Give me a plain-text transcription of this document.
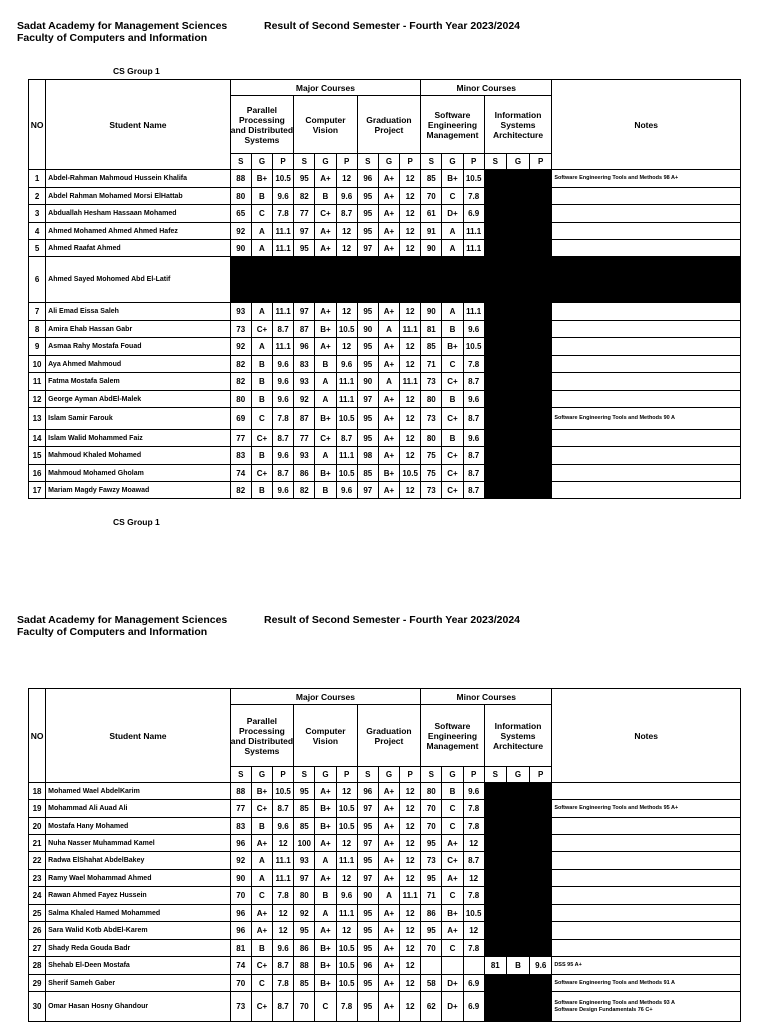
Sadat Academy for Management Sciences
Faculty of Computers and Information
Result of Second Semester - Fourth Year 2023/2024
CS Group 1
NO	Student Name	Major Courses									Minor Courses						Notes
		Parallel Processing and Distributed Systems			Computer Vision			Graduation Project			Software Engineering Management			Information Systems Architecture			
		S	G	P	S	G	P	S	G	P	S	G	P	S	G	P	
1	Abdel-Rahman Mahmoud Hussein Khalifa	88	B+	10.5	95	A+	12	96	A+	12	85	B+	10.5				Software Engineering Tools and Methods 98 A+

2	Abdel Rahman Mohamed Morsi ElHattab	80	B	9.6	82	B	9.6	95	A+	12	70	C	7.8				

3	Abduallah Hesham Hassaan Mohamed	65	C	7.8	77	C+	8.7	95	A+	12	61	D+	6.9				

4	Ahmed Mohamed Ahmed Ahmed Hafez	92	A	11.1	97	A+	12	95	A+	12	91	A	11.1				

5	Ahmed Raafat Ahmed	90	A	11.1	95	A+	12	97	A+	12	90	A	11.1				

6	Ahmed Sayed Mohomed Abd El-Latif																
7	Ali Emad Eissa Saleh	93	A	11.1	97	A+	12	95	A+	12	90	A	11.1				

8	Amira Ehab Hassan Gabr	73	C+	8.7	87	B+	10.5	90	A	11.1	81	B	9.6				

9	Asmaa Rahy Mostafa Fouad	92	A	11.1	96	A+	12	95	A+	12	85	B+	10.5				

10	Aya Ahmed Mahmoud	82	B	9.6	83	B	9.6	95	A+	12	71	C	7.8				

11	Fatma Mostafa Salem	82	B	9.6	93	A	11.1	90	A	11.1	73	C+	8.7				

12	George Ayman AbdEl-Malek	80	B	9.6	92	A	11.1	97	A+	12	80	B	9.6				

13	Islam Samir Farouk	69	C	7.8	87	B+	10.5	95	A+	12	73	C+	8.7				Software Engineering Tools and Methods 90 A

14	Islam Walid Mohammed Faiz	77	C+	8.7	77	C+	8.7	95	A+	12	80	B	9.6				

15	Mahmoud Khaled Mohamed	83	B	9.6	93	A	11.1	98	A+	12	75	C+	8.7				

16	Mahmoud Mohamed Gholam	74	C+	8.7	86	B+	10.5	85	B+	10.5	75	C+	8.7				

17	Mariam Magdy Fawzy Moawad	82	B	9.6	82	B	9.6	97	A+	12	73	C+	8.7				
CS Group 1
Sadat Academy for Management Sciences
Faculty of Computers and Information
Result of Second Semester - Fourth Year 2023/2024
NO	Student Name	Major Courses									Minor Courses						Notes
		Parallel Processing and Distributed Systems			Computer Vision			Graduation Project			Software Engineering Management			Information Systems Architecture			
		S	G	P	S	G	P	S	G	P	S	G	P	S	G	P	
18	Mohamed Wael AbdelKarim	88	B+	10.5	95	A+	12	96	A+	12	80	B	9.6				

19	Mohammad Ali Auad Ali	77	C+	8.7	85	B+	10.5	97	A+	12	70	C	7.8				Software Engineering Tools and Methods 95 A+

20	Mostafa Hany Mohamed	83	B	9.6	85	B+	10.5	95	A+	12	70	C	7.8				

21	Nuha Nasser Muhammad Kamel	96	A+	12	100	A+	12	97	A+	12	95	A+	12				

22	Radwa ElShahat AbdelBakey	92	A	11.1	93	A	11.1	95	A+	12	73	C+	8.7				

23	Ramy Wael Mohammad Ahmed	90	A	11.1	97	A+	12	97	A+	12	95	A+	12				

24	Rawan Ahmed Fayez Hussein	70	C	7.8	80	B	9.6	90	A	11.1	71	C	7.8				

25	Salma Khaled Hamed Mohammed	96	A+	12	92	A	11.1	95	A+	12	86	B+	10.5				

26	Sara Walid Kotb AbdEl-Karem	96	A+	12	95	A+	12	95	A+	12	95	A+	12				

27	Shady Reda Gouda Badr	81	B	9.6	86	B+	10.5	95	A+	12	70	C	7.8				

28	Shehab El-Deen Mostafa	74	C+	8.7	88	B+	10.5	96	A+	12				81	B	9.6	DSS 95 A+

29	Sherif Sameh Gaber	70	C	7.8	85	B+	10.5	95	A+	12	58	D+	6.9				Software Engineering Tools and Methods 91 A

30	Omar Hasan Hosny Ghandour	73	C+	8.7	70	C	7.8	95	A+	12	62	D+	6.9				Software Engineering Tools and Methods 93 A
Software Design Fundamentals 76 C+
